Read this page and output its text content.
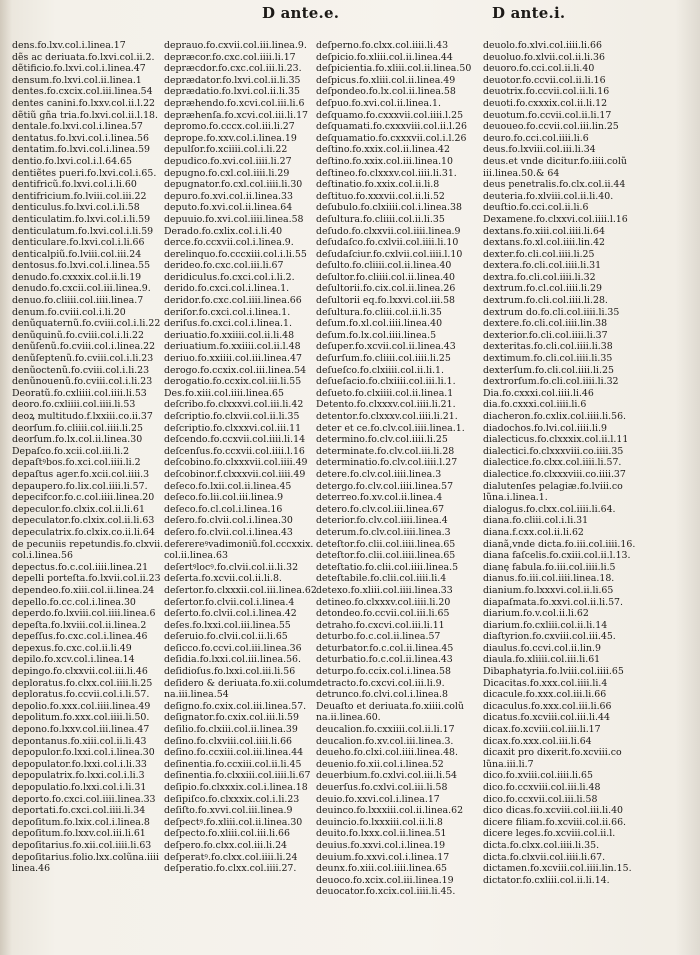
D ante.e.	D ante.i.
dens.fo.lxv.col.i.linea.17
dẽs ac deriuata.fo.lxvi.col.ii.2.
dẽtificio.fo.lxvi.col.i.linea.47
densum.fo.lxvi.col.ii.linea.1
dentes.fo.cxcix.col.iii.linea.54
dentes canini.fo.lxxv.col.ii.l.22
dẽtiũ gña tria.fo.lxvi.col.ii.l.18.
dentale.fo.lxvi.col.i.linea.57
dentatus.fo.lxvi.col.i.linea.56
dentatim.fo.lxvi.col.i.linea.59
dentio.fo.lxvi.col.i.l.64.65
dentiẽtes pueri.fo.lxvi.col.i.65.
dentifricũ.fo.lxvi.col.i.li.60
dentifricium.fo.lviii.col.iii.22
denticulus.fo.lxvi.col.i.li.58
denticulatim.fo.lxvi.col.i.li.59
denticulatum.fo.lxvi.col.i.li.59
denticulare.fo.lxvi.col.i.li.66
denticalpiũ.fo.lviii.col.iii.24
dentosus.fo.lxvi.col.i.linea.55
denudo.fo.cxxxix.col.ii.li.19
denudo.fo.cxcii.col.iii.linea.9.
denuo.fo.cliiii.col.iiii.linea.7
denum.fo.cviii.col.i.li.20
denũquaternũ.fo.cviii.col.i.li.22
denũquinũ.fo.cviii.col.i.li.22
denũſenũ.fo.cviii.col.i.linea.22
denũſeptenũ.fo.cviii.col.i.li.23
denũoctenũ.fo.cviii.col.i.li.23
denũnouenũ.fo.cviii.col.i.li.23
Deoratũ.fo.cxliiii.col.iiii.li.53
deoro.fo.cxliiii.col.iiii.li.53
deoꝝ multitudo.f.lxxiii.co.ii.37
deorſum.fo.cliiii.col.iiii.li.25
deorſum.fo.lx.col.ii.linea.30
Depaſco.fo.xcii.col.iii.li.2
depaſtꝰbos.fo.xci.col.iiii.li.2
depaſtus ager.fo.xcii.col.iiii.3
depaupero.fo.lix.col.iiii.li.57.
depecifcor.fo.c.col.iiii.linea.20
depeculor.fo.clxix.col.ii.li.61
depeculator.fo.clxix.col.ii.li.63
depeculatrix.fo.clxix.co.ii.li.64
de pecuniis repetundis.fo.clxvii.
col.i.linea.56
depectus.fo.c.col.iiii.linea.21
depelli porteſta.fo.lxvii.col.ii.23
dependeo.fo.xiii.col.ii.linea.24
depello.fo.cc.col.i.linea.30
deperdo.fo.lxviii.col.iiii.linea.6
depeſta.fo.lxviii.col.ii.linea.2
depeſſus.fo.cxc.col.i.linea.46
depexus.fo.cxc.col.ii.li.49
depilo.fo.xcv.col.i.linea.14
depingo.fo.clxxvii.col.iii.li.46
deploratus.fo.clxx.col.iiii.li.25
deploratus.fo.ccvii.col.i.li.57.
depolio.fo.xxx.col.iiii.linea.49
depolitum.fo.xxx.col.iiii.li.50.
depono.fo.lxxv.col.iii.linea.47
depontanus.fo.xiii.col.ii.li.43
depopulor.fo.lxxi.col.i.linea.30
depopulator.fo.lxxi.col.i.li.33
depopulatrix.fo.lxxi.col.i.li.3
depopulatio.fo.lxxi.col.i.li.31
deporto.fo.cxci.col.iiii.linea.33
deportati.fo.cxci.col.iiii.li.34
depoſitum.fo.lxix.col.i.linea.8
depoſitum.fo.lxxv.col.iii.li.61
depoſitarius.fo.xii.col.iiii.li.63
depoſitarius.folio.lxx.colũna.iiii
linea.46
deprauo.fo.cxvii.col.iii.linea.9.
depræcor.fo.cxc.col.iiii.li.17
depræcdor.fo.cxc.col.iii.li.23.
deprædator.fo.lxvi.col.ii.li.35
deprædatio.fo.lxvi.col.ii.li.35
depræhendo.fo.xcvi.col.iii.li.6
depræhenſa.fo.xcvi.col.iii.li.17
depromo.fo.cccx.col.iii.li.27
deprope.fo.xxv.col.i.linea.19
depulſor.fo.xciiii.col.i.li.22
depudico.fo.xvi.col.iiii.li.27
depugno.fo.cxl.col.iiii.li.29
depugnator.fo.cxl.col.iiii.li.30
depuro.fo.xvi.col.ii.linea.33
deputo.fo.xvi.col.ii.linea.64
depuuio.fo.xvi.col.iiii.linea.58
Derado.fo.cxlix.col.i.li.40
derce.fo.ccxvii.col.i.linea.9.
derelinquo.fo.cccxiii.col.i.li.55
derideo.fo.cxc.col.iii.li.67
deridiculus.fo.cxci.col.i.li.2.
derido.fo.cxci.col.i.linea.1.
deridor.fo.cxc.col.iiii.linea.66
deriſor.fo.cxci.col.i.linea.1.
deriſus.fo.cxci.col.i.linea.1.
deriuatio.fo.xxiiii.col.ii.li.48
deriuatium.fo.xxiiii.col.ii.l.48
deriuo.fo.xxiiii.col.iii.linea.47
derogo.fo.ccxix.col.iii.linea.54
derogatio.fo.ccxix.col.iii.li.55
Des.fo.xiii.col.iiii.linea.65
deſcribo.fo.clxxxvi.col.iii.li.42
deſcriptio.fo.clxvii.col.ii.li.35
deſcriptio.fo.clxxxvi.col.iii.11
deſcendo.fo.ccxvii.col.iiii.li.14
deſcenſus.fo.ccxvii.col.iiii.l.16
deſcobino.fo.clxxxvii.col.iiii.49
deſcobinor.f.clxxxvii.col.iiii.49
deſeco.fo.lxii.col.ii.linea.45
deſeco.fo.lii.col.iii.linea.9
deſeco.fo.cl.col.i.linea.16
deſero.fo.clvii.col.i.linea.30
deſero.fo.clvii.col.i.linea.43
deferereꝰvadimoniũ.fol.cccxxix.
col.ii.linea.63
deſertꝰlocꝰ.fo.clvii.col.ii.li.32
deſerta.fo.xcvii.col.ii.li.8.
deſertor.fo.clxxxii.col.iii.linea.62
deſertor.fo.clvii.col.i.linea.4
deſerto.fo.clvii.col.i.linea.42
deſes.fo.lxxi.col.iii.linea.55
deſeruio.fo.clvii.col.ii.li.65
deſicco.fo.ccvi.col.iii.linea.36
deſidia.fo.lxxi.col.iii.linea.56.
deſidioſus.fo.lxxi.col.iii.li.56
deſidero & deriuata.fo.xii.colum
na.iii.linea.54
deſigno.fo.cxix.col.iii.linea.57.
deſignator.fo.cxix.col.iii.li.59
deſilio.fo.clxiii.col.ii.linea.39
deſino.fo.clxviii.col.iiii.li.66
deſino.fo.ccxiii.col.iii.linea.44
deſinentia.fo.ccxiii.col.ii.li.45
deſinentia.fo.clxxiii.col.iiii.li.67
deſipio.fo.clxxxix.col.i.linea.18
deſipiſco.fo.clxxxix.col.i.li.23
deſiſto.fo.xvvi.col.iii.linea.9
deſpectꝰ.fo.xliii.col.ii.linea.30
deſpecto.fo.xliii.col.iii.li.66
deſpero.fo.clxx.col.iii.li.24
deſperatꝰ.fo.clxx.col.iiii.li.24
deſperatio.fo.clxx.col.iiii.27.
deſperno.fo.clxx.col.iiii.li.43
deſpicio.fo.xliii.col.ii.linea.44
deſpicientia.fo.xliii.col.ii.linea.50
deſpicus.fo.xliii.col.ii.linea.49
deſpondeo.fo.lx.col.ii.linea.58
deſpuo.fo.xvi.col.ii.linea.1.
deſquamo.fo.cxxxvii.col.iiii.l.25
deſquamati.fo.cxxxviii.col.ii.l.26
deſquamatio.fo.cxxxvii.col.i.l.26
deſtino.fo.xxix.col.ii.linea.42
deſtino.fo.xxix.col.iii.linea.10
deſtineo.fo.clxxxv.col.iiii.li.31.
deſtinatio.fo.xxix.col.ii.li.8
deſtituo.fo.xxxvii.col.ii.li.52
deſubulo.fo.clxiiii.col.i.linea.38
deſultura.fo.cliiii.col.ii.li.35
deſudo.fo.clxxvii.col.iiii.linea.9
deſudaſco.fo.cxlvii.col.iiii.li.10
deſudaſciur.fo.cxlvii.col.iiii.l.10
deſulto.fo.cliiii.col.ii.linea.40
deſultor.fo.cliiii.col.ii.linea.40
deſultorii.fo.cix.col.ii.linea.26
deſultorii eq.fo.lxxvi.col.iii.58
deſultura.fo.cliii.col.ii.li.35
deſum.fo.xl.col.iiii.linea.40
deſum.fo.lx.col.iiii.linea.5
deſuper.fo.xcvii.col.ii.linea.43
deſurſum.fo.cliiii.col.iiii.li.25
deſueſco.fo.clxiiii.col.ii.li.1.
deſueſacio.fo.clxiiii.col.iii.li.1.
deſueto.fo.clxiiii.col.ii.linea.1
Detento.fo.clxxxv.col.iiii.li.21.
detentor.fo.clxxxv.col.iiii.li.21.
deter et ce.fo.clv.col.iiii.linea.1.
determino.fo.clv.col.iiii.li.25
determinate.fo.clv.col.iii.li.28
determinatio.fo.clv.col.iiii.l.27
detere.fo.clv.col.iiii.linea.3
detergo.fo.clv.col.iiii.linea.57
deterreo.fo.xv.col.ii.linea.4
detero.fo.clv.col.iii.linea.67
deterior.fo.clv.col.iiii.linea.4
deterum.fo.clv.col.iiii.linea.3
deteſtor.fo.clii.col.iiii.linea.65
deteſtor.fo.clii.col.iiii.linea.65
deteſtatio.fo.clii.col.iiii.linea.5
deteſtabile.fo.clii.col.iiii.li.4
detexo.fo.xliii.col.iiii.linea.33
detineo.fo.clxxxv.col.iiii.li.20
detondeo.fo.ccvii.col.iii.li.65
detraho.fo.cxcvi.col.iii.li.11
deturbo.fo.c.col.ii.linea.57
deturbator.fo.c.col.ii.linea.45
deturbatio.fo.c.col.ii.linea.43
deturpo.fo.ccix.col.i.linea.58
detracto.fo.cxcvi.col.iii.li.9.
detrunco.fo.clvi.col.i.linea.8
Deuaſto et deriuata.fo.xiiii.colũ
na.ii.linea.60.
deucalion.fo.cxxiiii.col.ii.li.17
deucalion.fo.xv.col.iii.linea.3.
deueho.fo.clxi.col.iiii.linea.48.
deuenio.fo.xii.col.i.linea.52
deuerbium.fo.cxlvi.col.iii.li.54
deuerſus.fo.cxlvi.col.iii.li.58
deuio.fo.xxvi.col.i.linea.17
deuinco.fo.lxxxiii.col.ii.linea.62
deuincio.fo.lxxxiii.col.ii.li.8
deuito.fo.lxxx.col.ii.linea.51
deuius.fo.xxvi.col.i.linea.19
deuium.fo.xxvi.col.i.linea.17
deunx.fo.xiii.col.iiii.linea.65
deuoco.fo.xcix.col.iii.linea.19
deuocator.fo.xcix.col.iiii.li.45.
deuolo.fo.xlvi.col.iiii.li.66
deuoluo.fo.xlvii.col.ii.li.36
deuoro.fo.cci.col.ii.li.40
deuotor.fo.ccvii.col.ii.li.16
deuotrix.fo.ccvii.col.ii.li.16
deuoti.fo.cxxxix.col.ii.li.12
deuotum.fo.ccvii.col.ii.li.17
deuoueo.fo.ccvii.col.iii.lin.25
deuro.fo.cci.col.iiii.li.6
deus.fo.lxviii.col.iii.li.34
deus.et vnde dicitur.fo.iiii.colũ
iii.linea.50.& 64
deus penetralis.fo.clx.col.ii.44
deuteria.fo.xlviii.col.ii.li.40.
deuſtio.fo.cci.col.ii.li.6
Dexamene.fo.clxxvi.col.iiii.l.16
dextans.fo.xiii.col.iiii.li.64
dextans.fo.xl.col.iiii.lin.42
dexter.fo.cli.col.iiii.li.25
dextera.fo.cli.col.iiii.li.31
dextra.fo.cli.col.iiii.li.32
dextrum.fo.cl.col.iiii.li.29
dextrum.fo.cli.col.iiii.li.28.
dextrum do.fo.cli.col.iiii.li.35
dextere.fo.cli.col.iiii.lin.38
dexterior.fo.cli.col.iiii.li.37
dexteritas.fo.cli.col.iiii.li.38
dextimum.fo.cli.col.iiii.li.35
dexterſum.fo.cli.col.iiii.li.25
dextrorſum.fo.cli.col.iiii.li.32
Dia.fo.cxxxi.col.iiii.li.46
dia.fo.cxxxi.col.iiii.li.6
diacheron.fo.cxlix.col.iiii.li.56.
diadochos.fo.lvi.col.iiii.li.9
dialecticus.fo.clxxxix.col.ii.l.11
dialectici.fo.clxxxviii.co.iiii.35
dialectice.fo.clxx.col.iiii.li.57.
dialectice.fo.clxxxviii.co.iiii.37
dialutenſes pelagiæ.fo.lviii.co
lũna.i.linea.1.
dialogus.fo.clxx.col.iiii.li.64.
diana.fo.cliii.col.i.li.31
diana.f.cxx.col.ii.li.62
dianã,vnde dicta.fo.iii.col.iiii.16.
diana faſcelis.fo.cxiii.col.ii.l.13.
dianę fabula.fo.iii.col.iiii.li.5
dianus.fo.iii.col.iiii.linea.18.
dianium.fo.lxxxvi.col.ii.li.65
diapaſmata.fo.xxvi.col.ii.li.57.
diarium.fo.v.col.ii.li.62
diarium.fo.cxliii.col.ii.li.14
diaſtyrion.fo.cxviii.col.iii.45.
diaulus.fo.ccvi.col.ii.lin.9
diaula.fo.xliiii.col.iii.li.61
Dibaphatyria.fo.lviii.col.iiii.65
Dicacitas.fo.xxx.col.iiii.li.4
dicacule.fo.xxx.col.iii.li.66
dicaculus.fo.xxx.col.iii.li.66
dicatus.fo.xcviii.col.iii.li.44
dicax.fo.xcviii.col.iii.li.17
dicax.fo.xxx.col.iii.li.64
dicaxit pro dixerit.fo.xcviii.co
lũna.iii.li.7
dico.fo.xviii.col.iiii.li.65
dico.fo.ccxviii.col.iii.li.48
dico.fo.ccxvii.col.iii.li.58
dico dicas.fo.xcviii.col.iii.li.40
dicere filiam.fo.xcviii.col.ii.66.
dicere leges.fo.xcviii.col.ii.l.
dicta.fo.clxx.col.iiii.li.35.
dicta.fo.clxvii.col.iiii.li.67.
dictamen.fo.xcviii.col.iiii.lin.15.
dictator.fo.cxliii.col.ii.li.14.
